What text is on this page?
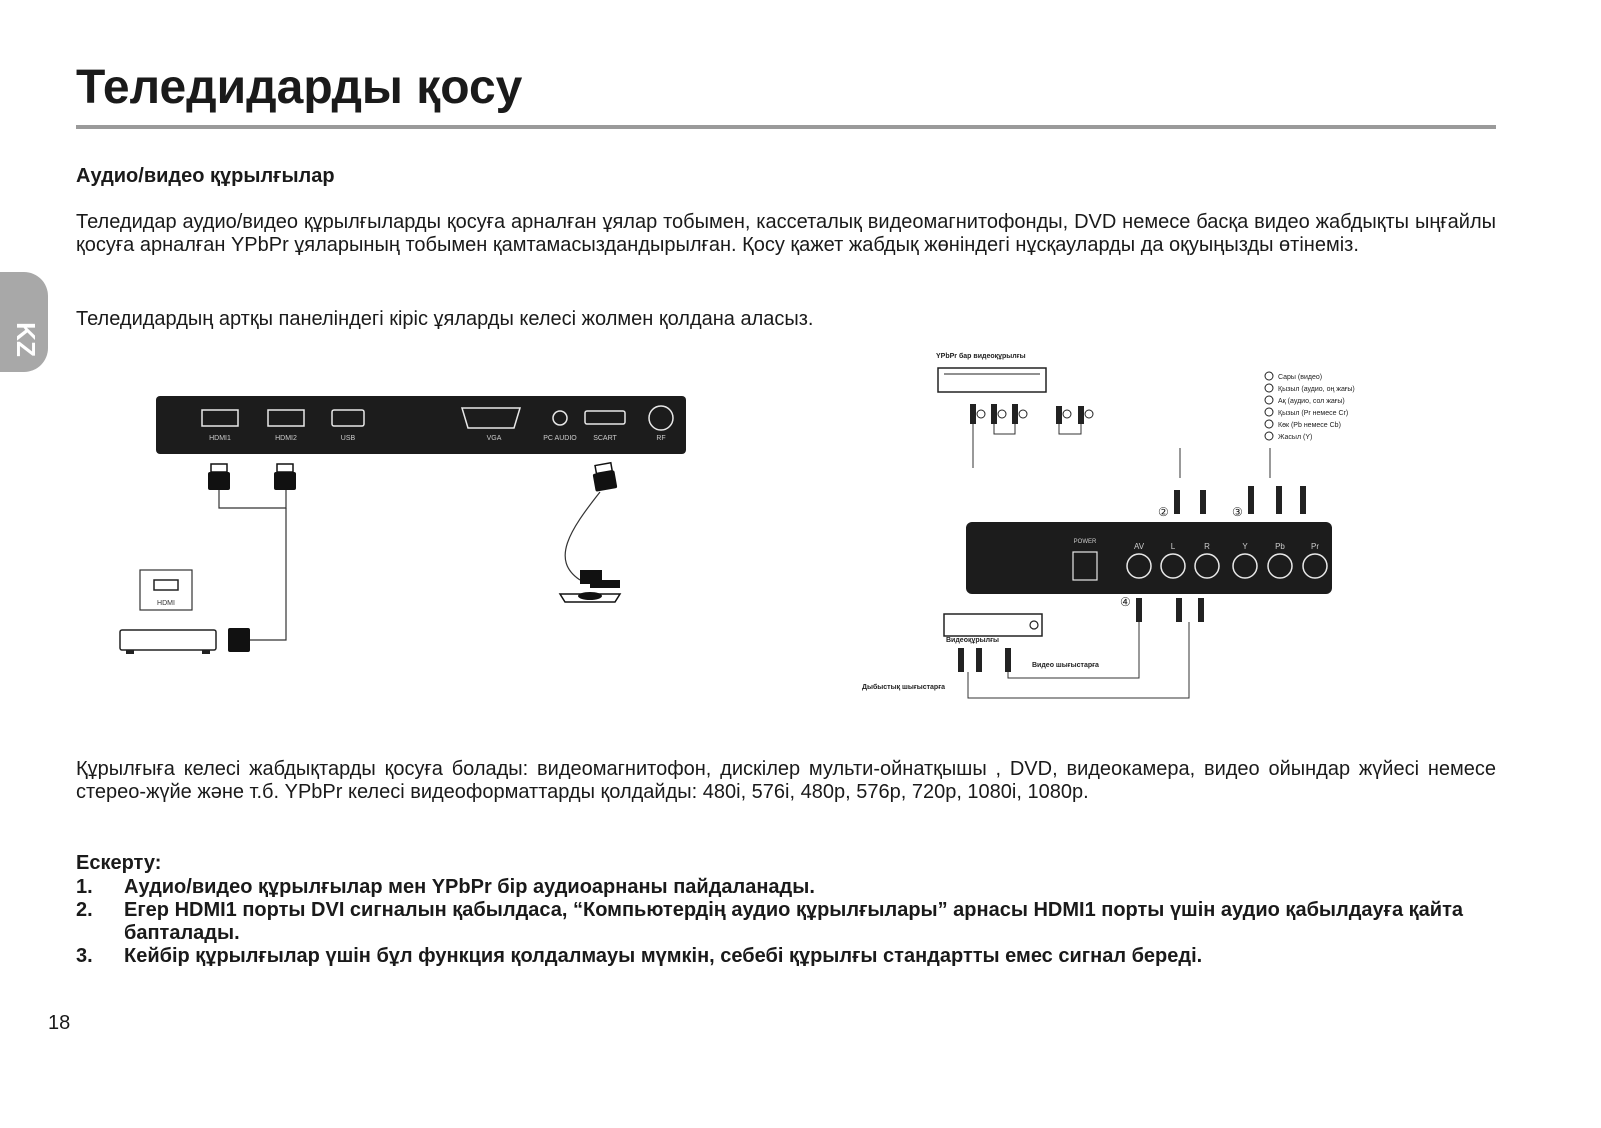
KZ
Теледидарды қосу
Аудио/видео құрылғылар
Теледидар аудио/видео құрылғыларды қосуға арналған ұялар тобымен, кассеталық видеомагнитофонды, DVD немесе басқа видео жабдықты ыңғайлы қосуға арналған YPbPr ұяларының тобымен қамтамасыздандырылған. Қосу қажет жабдық жөніндегі нұсқауларды да оқуыңызды өтінеміз.
Теледидардың артқы панеліндегі кіріс ұяларды келесі жолмен қолдана аласыз.
HDMI1	HDMI2	USB	VGA	PC AUDIO SCART	RF
HDMI
YPbPr бар видеоқұрылғы
Сары (видео)
Қызыл (аудио, оң жағы)
Ақ (аудио, сол жағы)
Қызыл (Pr немесе Cr)
Көк (Pb немесе Cb)
Жасыл (Y)
②	③
POWER	AV	L	R	Y	Pb	Pr
④
Видеоқұрылғы
Видео шығыстарға
Дыбыстық шығыстарға
Құрылғыға келесі жабдықтарды қосуға болады: видеомагнитофон, дискілер мульти-ойнатқышы , DVD, видеокамера, видео ойындар жүйесі немесе стерео-жүйе және т.б. YPbPr келесі видеоформаттарды қолдайды: 480i, 576i, 480p, 576p, 720p, 1080i, 1080p.
Ескерту:
1. Аудио/видео құрылғылар мен YPbPr бір аудиоарнаны пайдаланады.
2. Егер HDMI1 порты DVI сигналын қабылдаса, “Компьютердің аудио құрылғылары” арнасы HDMI1 порты үшін аудио қабылдауға қайта бапталады.
3. Кейбір құрылғылар үшін бұл функция қолдалмауы мүмкін, себебі құрылғы стандартты емес сигнал береді.
18
